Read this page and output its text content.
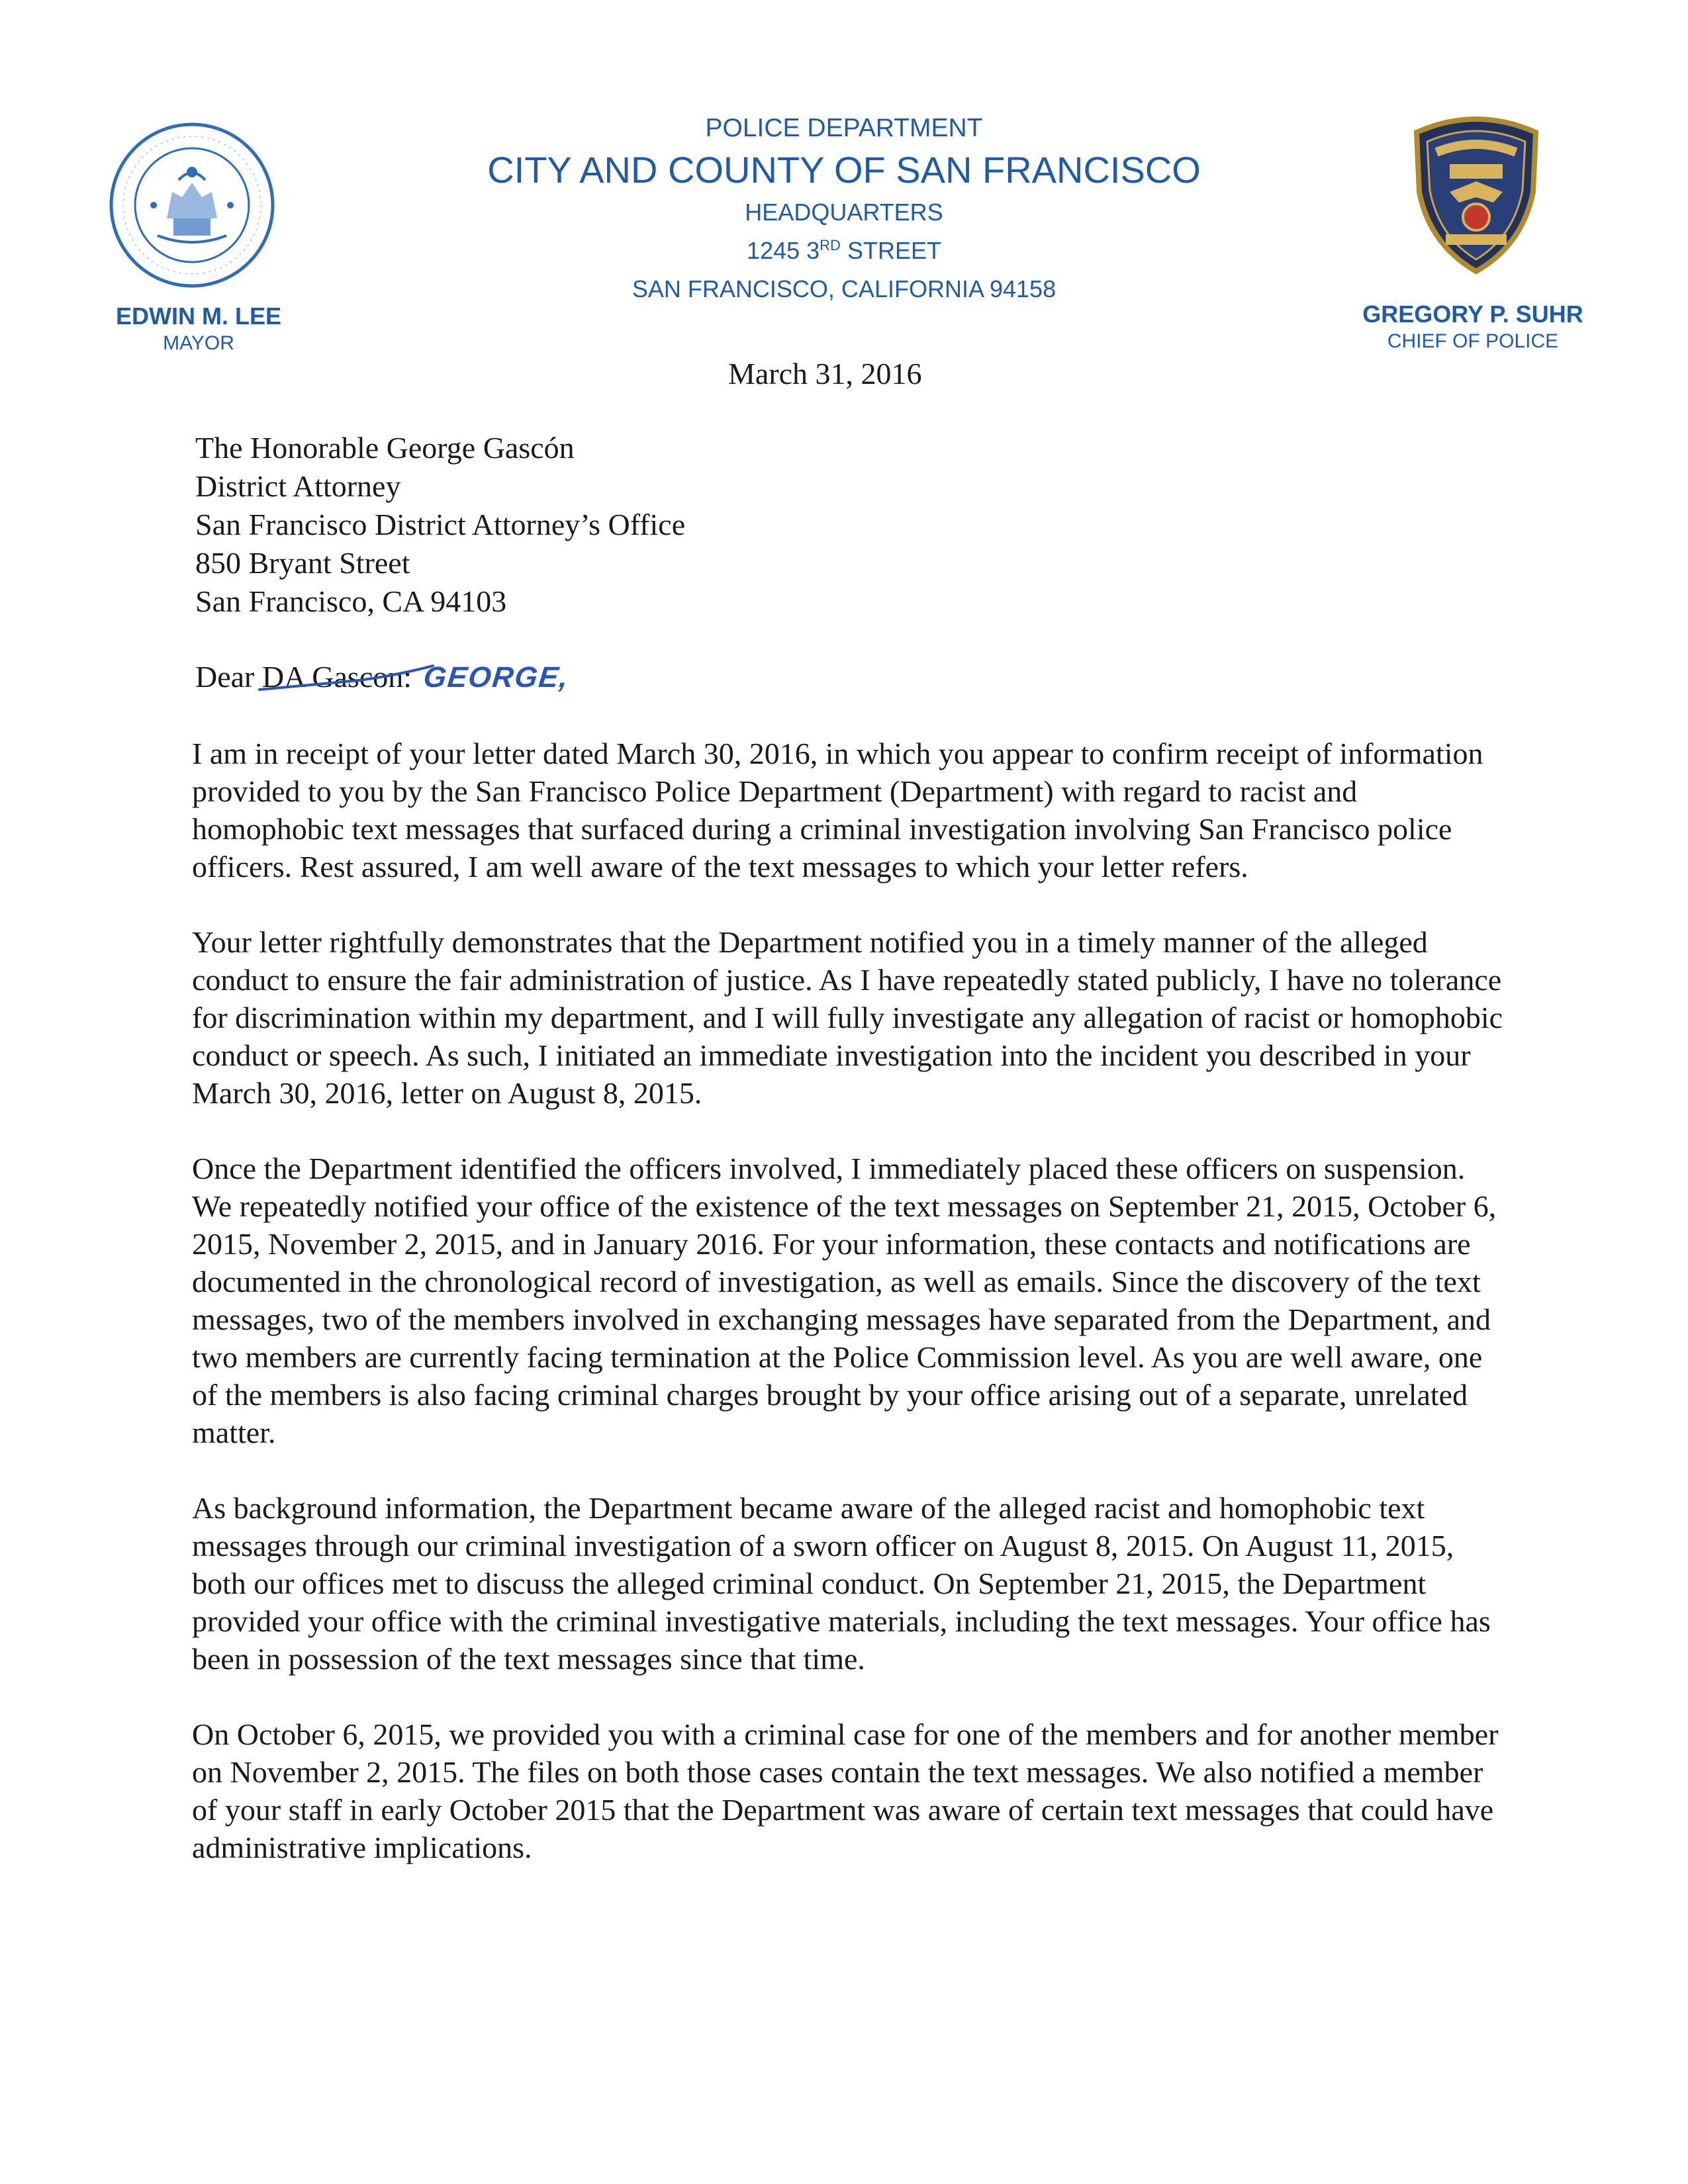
POLICE DEPARTMENT
CITY AND COUNTY OF SAN FRANCISCO
HEADQUARTERS
1245 3RD STREET
SAN FRANCISCO, CALIFORNIA 94158
EDWIN M. LEE
MAYOR
GREGORY P. SUHR
CHIEF OF POLICE
March 31, 2016
The Honorable George Gascón
District Attorney
San Francisco District Attorney’s Office
850 Bryant Street
San Francisco, CA 94103
Dear DA Gascon: GEORGE,

I am in receipt of your letter dated March 30, 2016, in which you appear to confirm receipt of information provided to you by the San Francisco Police Department (Department) with regard to racist and homophobic text messages that surfaced during a criminal investigation involving San Francisco police officers. Rest assured, I am well aware of the text messages to which your letter refers.

Your letter rightfully demonstrates that the Department notified you in a timely manner of the alleged conduct to ensure the fair administration of justice. As I have repeatedly stated publicly, I have no tolerance for discrimination within my department, and I will fully investigate any allegation of racist or homophobic conduct or speech. As such, I initiated an immediate investigation into the incident you described in your March 30, 2016, letter on August 8, 2015.

Once the Department identified the officers involved, I immediately placed these officers on suspension. We repeatedly notified your office of the existence of the text messages on September 21, 2015, October 6, 2015, November 2, 2015, and in January 2016. For your information, these contacts and notifications are documented in the chronological record of investigation, as well as emails. Since the discovery of the text messages, two of the members involved in exchanging messages have separated from the Department, and two members are currently facing termination at the Police Commission level. As you are well aware, one of the members is also facing criminal charges brought by your office arising out of a separate, unrelated matter.

As background information, the Department became aware of the alleged racist and homophobic text messages through our criminal investigation of a sworn officer on August 8, 2015. On August 11, 2015, both our offices met to discuss the alleged criminal conduct. On September 21, 2015, the Department provided your office with the criminal investigative materials, including the text messages. Your office has been in possession of the text messages since that time.

On October 6, 2015, we provided you with a criminal case for one of the members and for another member on November 2, 2015. The files on both those cases contain the text messages. We also notified a member of your staff in early October 2015 that the Department was aware of certain text messages that could have administrative implications.
